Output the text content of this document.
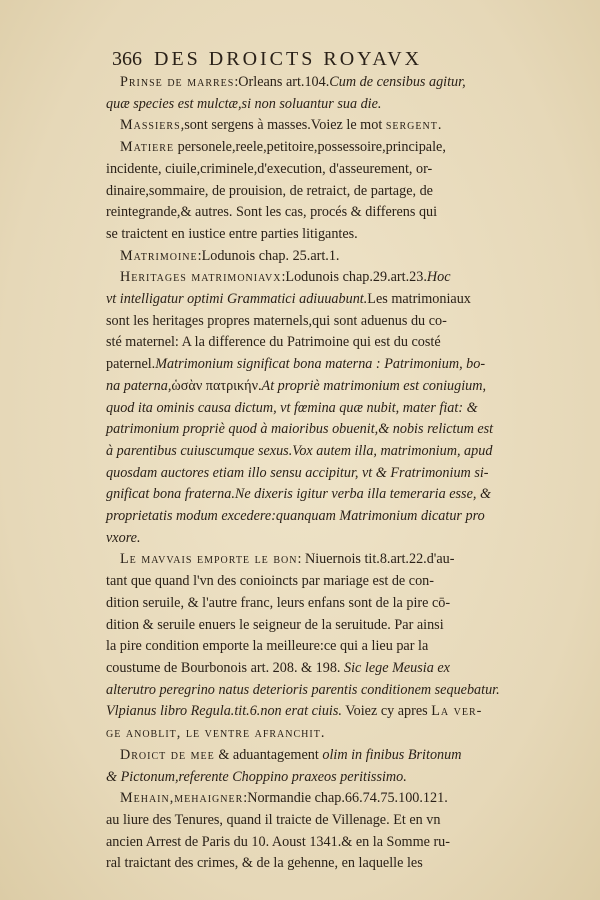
366 DES DROICTS ROYAVX
Prinse de marres:Orleans art.104.Cum de censibus agitur,
quæ species est mulctæ,si non soluantur sua die.
Massiers,sont sergens à masses.Voiez le mot sergent.
Matiere personele,reele,petitoire,possessoire,principale,
incidente, ciuile,criminele,d'execution, d'asseurement, or-
dinaire,sommaire, de prouision, de retraict, de partage, de
reintegrande,& autres. Sont les cas, procés & differens qui
se traictent en iustice entre parties litigantes.
Matrimoine:Lodunois chap. 25.art.1.
Heritages matrimoniavx:Lodunois chap.29.art.23.Hoc
vt intelligatur optimi Grammatici adiuuabunt.Les matrimoniaux
sont les heritages propres maternels,qui sont aduenus du co-
sté maternel: A la difference du Patrimoine qui est du costé
paternel.Matrimonium significat bona materna : Patrimonium, bo-
na paterna,ὡσὰν πατρικήν.At propriè matrimonium est coniugium,
quod ita ominis causa dictum, vt fœmina quæ nubit, mater fiat: &
patrimonium propriè quod à maioribus obuenit,& nobis relictum est
à parentibus cuiuscumque sexus.Vox autem illa, matrimonium, apud
quosdam auctores etiam illo sensu accipitur, vt & Fratrimonium si-
gnificat bona fraterna.Ne dixeris igitur verba illa temeraria esse, &
proprietatis modum excedere:quanquam Matrimonium dicatur pro
vxore.
Le mavvais emporte le bon: Niuernois tit.8.art.22.d'au-
tant que quand l'vn des conioincts par mariage est de con-
dition seruile, & l'autre franc, leurs enfans sont de la pire cō-
dition & seruile enuers le seigneur de la seruitude. Par ainsi
la pire condition emporte la meilleure:ce qui a lieu par la
coustume de Bourbonois art. 208. & 198. Sic lege Meusia ex
alterutro peregrino natus deterioris parentis conditionem sequebatur.
Vlpianus libro Regula.tit.6.non erat ciuis. Voiez cy apres La ver-
ge anoblit, le ventre afranchit.
Droict de mee & aduantagement olim in finibus Britonum
& Pictonum,referente Choppino praxeos peritissimo.
Mehain,mehaigner:Normandie chap.66.74.75.100.121.
au liure des Tenures, quand il traicte de Villenage. Et en vn
ancien Arrest de Paris du 10. Aoust 1341.& en la Somme ru-
ral traictant des crimes, & de la gehenne, en laquelle les
